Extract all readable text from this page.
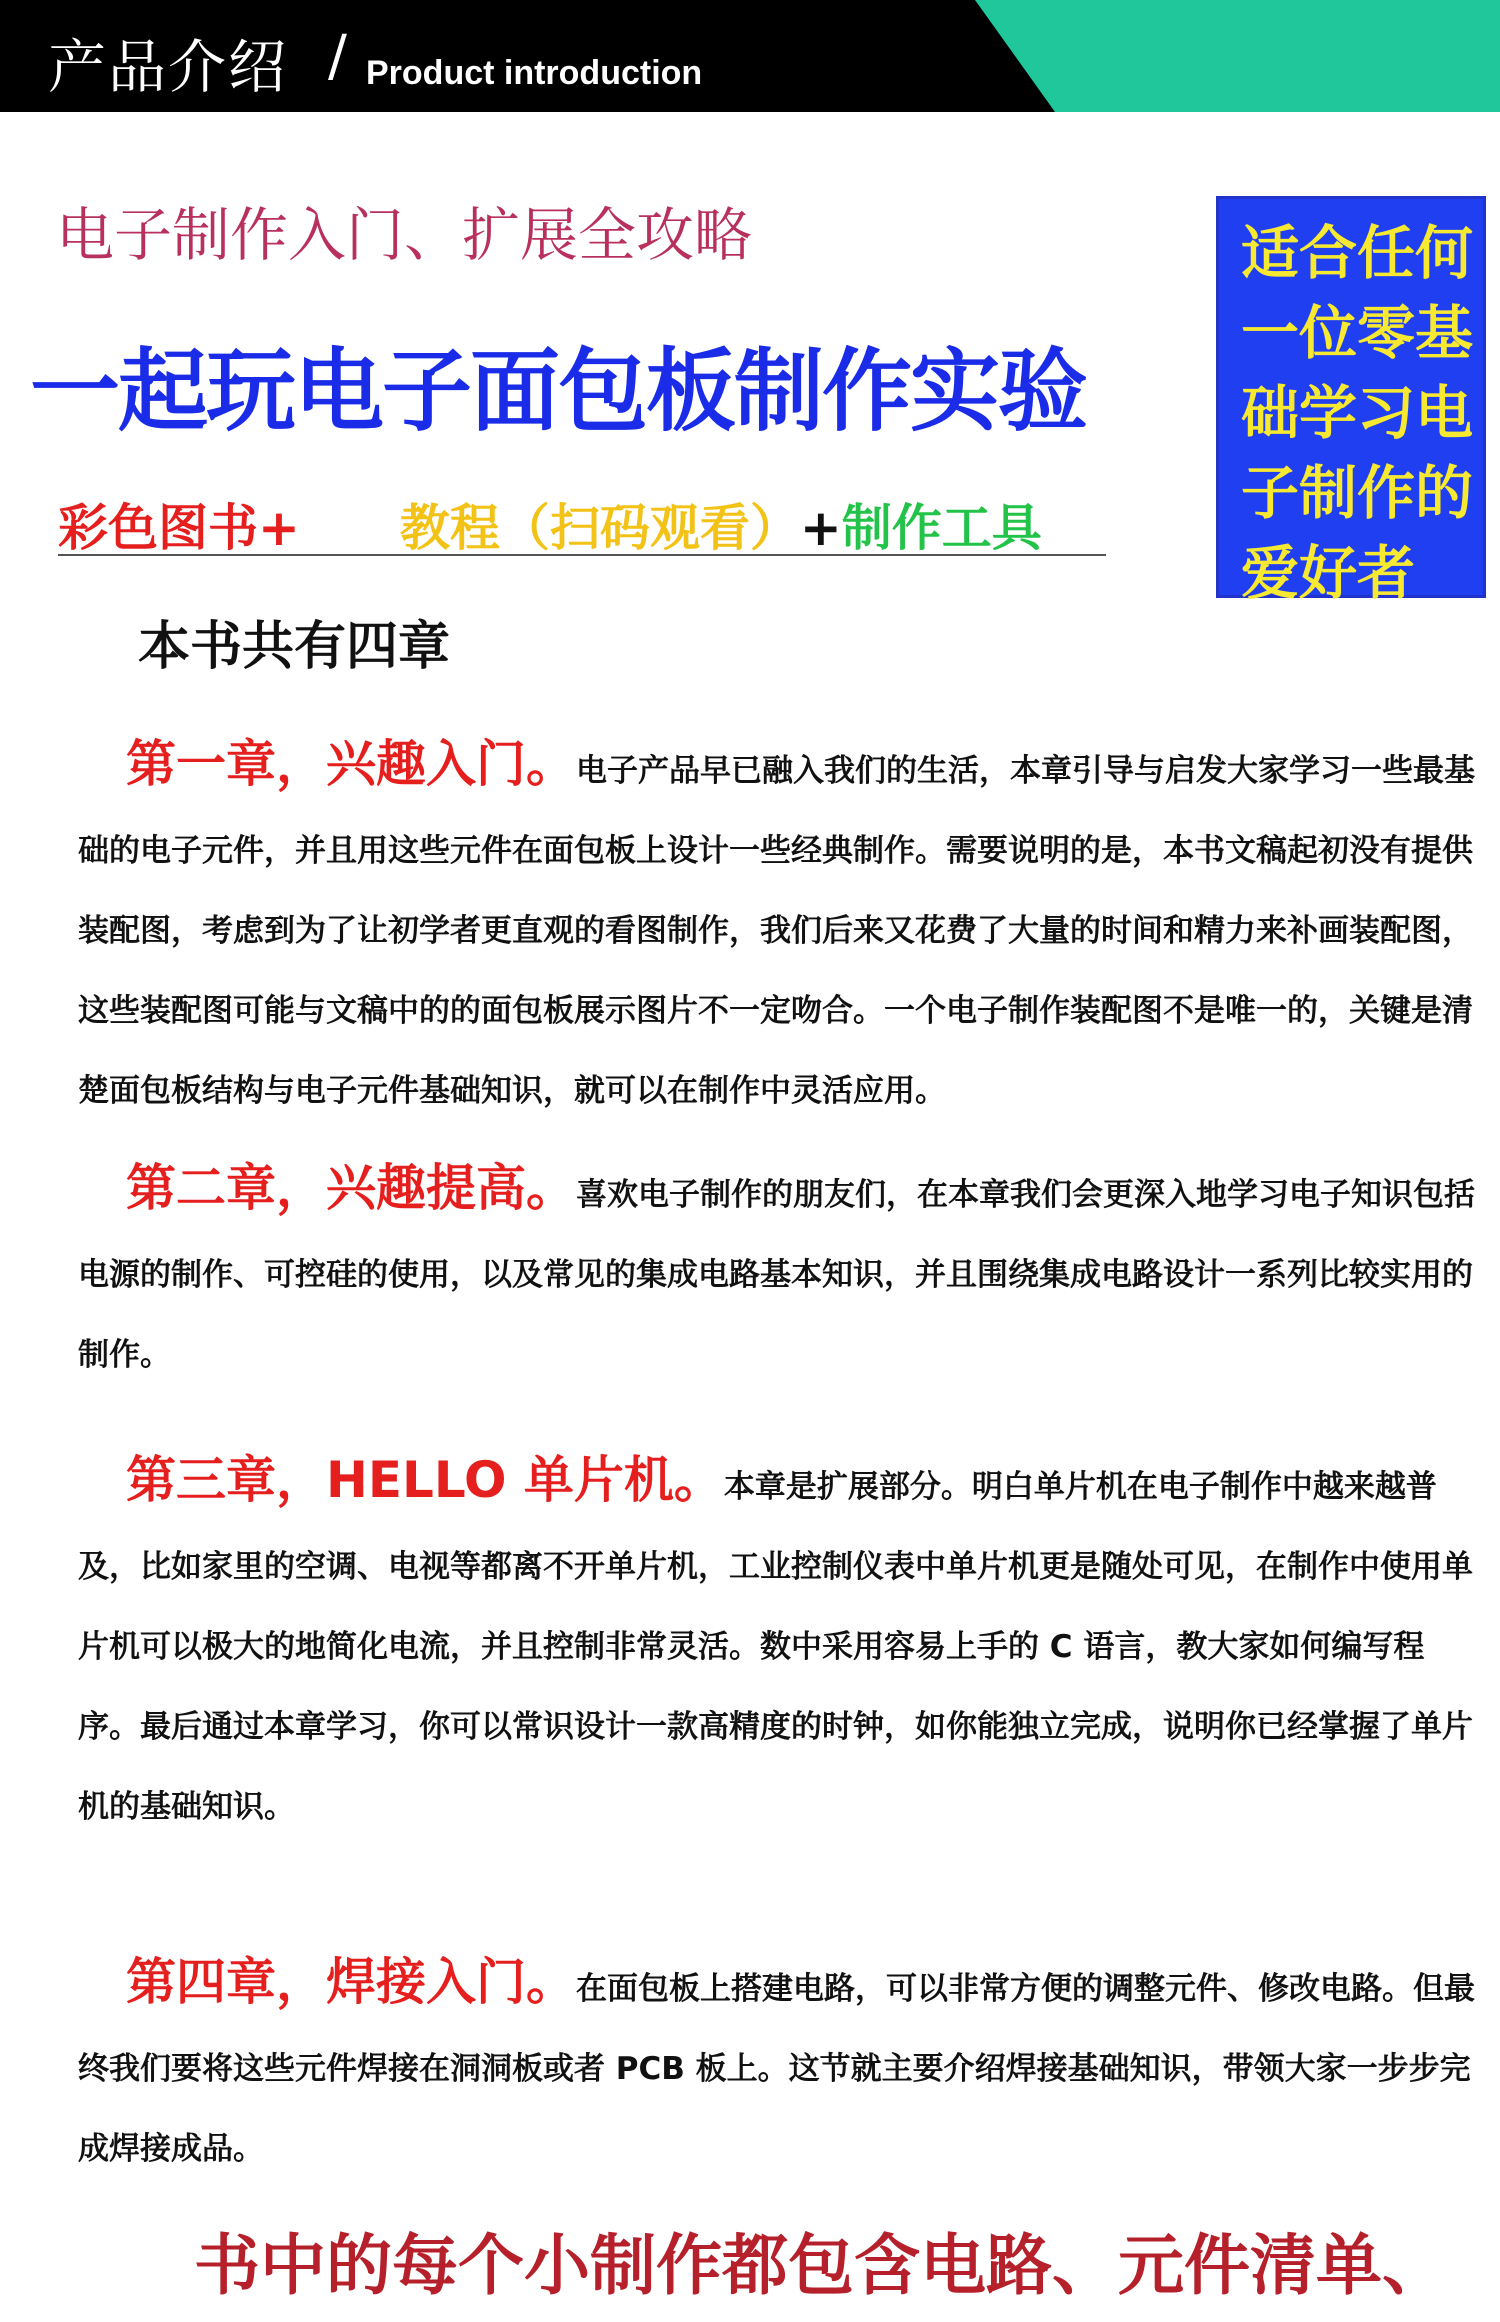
产品介绍 / Product introduction
电子制作入门、扩展全攻略
一起玩电子面包板制作实验
彩色图书+ 教程（扫码观看）+制作工具
适合任何
一位零基
础学习电
子制作的
爱好者
本书共有四章

第一章，兴趣入门。电子产品早已融入我们的生活，本章引导与启发大家学习一些最基础的电子元件，并且用这些元件在面包板上设计一些经典制作。需要说明的是，本书文稿起初没有提供装配图，考虑到为了让初学者更直观的看图制作，我们后来又花费了大量的时间和精力来补画装配图，这些装配图可能与文稿中的的面包板展示图片不一定吻合。一个电子制作装配图不是唯一的，关键是清楚面包板结构与电子元件基础知识，就可以在制作中灵活应用。

第二章，兴趣提高。喜欢电子制作的朋友们，在本章我们会更深入地学习电子知识包括电源的制作、可控硅的使用，以及常见的集成电路基本知识，并且围绕集成电路设计一系列比较实用的制作。

第三章，HELLO 单片机。本章是扩展部分。明白单片机在电子制作中越来越普及，比如家里的空调、电视等都离不开单片机，工业控制仪表中单片机更是随处可见，在制作中使用单片机可以极大的地简化电流，并且控制非常灵活。数中采用容易上手的 C 语言，教大家如何编写程序。最后通过本章学习，你可以常识设计一款高精度的时钟，如你能独立完成，说明你已经掌握了单片机的基础知识。

第四章，焊接入门。在面包板上搭建电路，可以非常方便的调整元件、修改电路。但最终我们要将这些元件焊接在洞洞板或者 PCB 板上。这节就主要介绍焊接基础知识，带领大家一步步完成焊接成品。

书中的每个小制作都包含电路、元件清单、
